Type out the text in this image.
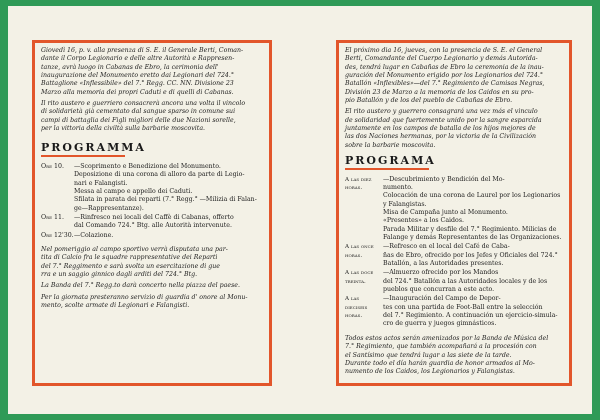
Giovedì 16, p. v. alla presenza di S. E. il Generale Berti, Coman-
dante il Corpo Legionario e delle altre Autorità e Rappresen-
tanze, avrà luogo in Cabanas de Ebro, la cerimonia dell'
inaugurazione del Monumento eretto dai Legionari del 724.°
Battaglione «Inflessibile» del 7.° Regg. CC. NN. Divisione 23
Marzo alla memoria dei propri Caduti e di quelli di Cabanas.
Il rito austero e guerriero consacrerà ancora una volta il vincolo
di solidarietà già cementato dal sangue sparso in comune sui
campi di battaglia dei Figli migliori delle due Nazioni sorelle,
per la vittoria della civiltà sulla barbarie moscovita.
PROGRAMMA
Ore 10.	—Scoprimento e Benedizione del Monumento.
Deposizione di una corona di alloro da parte di Legio-
nari e Falangisti.
Messa al campo e appello dei Caduti.
Sfilata in parata dei reparti (7.° Regg.° —Milizia di Falan-
ge—Rappresentanze).
Ore 11.	—Rinfresco nei locali del Caffè di Cabanas, offerto
dal Comando 724.° Btg. alle Autorità intervenute.
Ore 12'30. —Colazione.
Nel pomeriggio al campo sportivo verrà disputata una par-
tita di Calcio fra le squadre rappresentative dei Reparti
del 7.° Reggimento e sarà svolta un esercitazione di gue
rra e un saggio ginnico dagli arditi del 724.° Btg.
La Banda del 7.° Regg.to darà concerto nella piazza del paese.
Per la giornata presteranno servizio di guardia d' onore al Monu-
mento, scolte armate di Legionari e Falangisti.
El próximo dia 16, jueves, con la presencia de S. E. el General
Berti, Comandante del Cuerpo Legionario y demás Autorida-
des, tendrá lugar en Cabañas de Ebro la ceremonia de la inau-
guración del Monumento erigido por los Legionarios del 724.°
Batallón «Inflexibles»—del 7.° Regimiento de Camisas Negras,
División 23 de Marzo a la memoria de los Caidos en su pro-
pio Batallón y de los del pueblo de Cabañas de Ebro.
El rito austero y guerrero consagrará una vez más el vinculo
de solidaridad que fuertemente unido por la sangre esparcida
juntamente en los campos de batalla de los hijos mejores de
las dos Naciones hermanas, por la victoria de la Civilización
sobre la barbarie moscovita.
PROGRAMA
A las diez horas.
—Descubrimiento y Bendición del Mo-
numento.
Colocación de una corona de Laurel por los Legionarios
y Falangistas.
Misa de Campaña junto al Monumento.
«Presentes» a los Caidos.
Parada Militar y desfile del 7.° Regimiento. Milicias de
Falange y demás Representantes de las Organizaciones.
A las once horas.
—Refresco en el local del Café de Caba-
ñas de Ebro, ofrecido por los Jefes y Oficiales del 724.°
Batallón, a las Autoridades presentes.
A las doce treinta.
—Almuerzo ofrecido por los Mandos
del 724.° Batallón a las Autoridades locales y de los
pueblos que concurran a este acto.
A las dieciseis horas.
—Inauguración del Campo de Depor-
tes con una partida de Foot-Ball entre la selección
del 7.° Regimiento. A continuación un ejercicio-simula-
cro de guerra y juegos gimnásticos.
Todos estos actos serán amenizados por la Banda de Música del
7.° Regimiento, que también acompañará a la procesión con
el Santísimo que tendrá lugar a las siete de la tarde.
Durante todo el día harán guardia de honor armados al Mo-
numento de los Caidos, los Legionarios y Falangistas.
